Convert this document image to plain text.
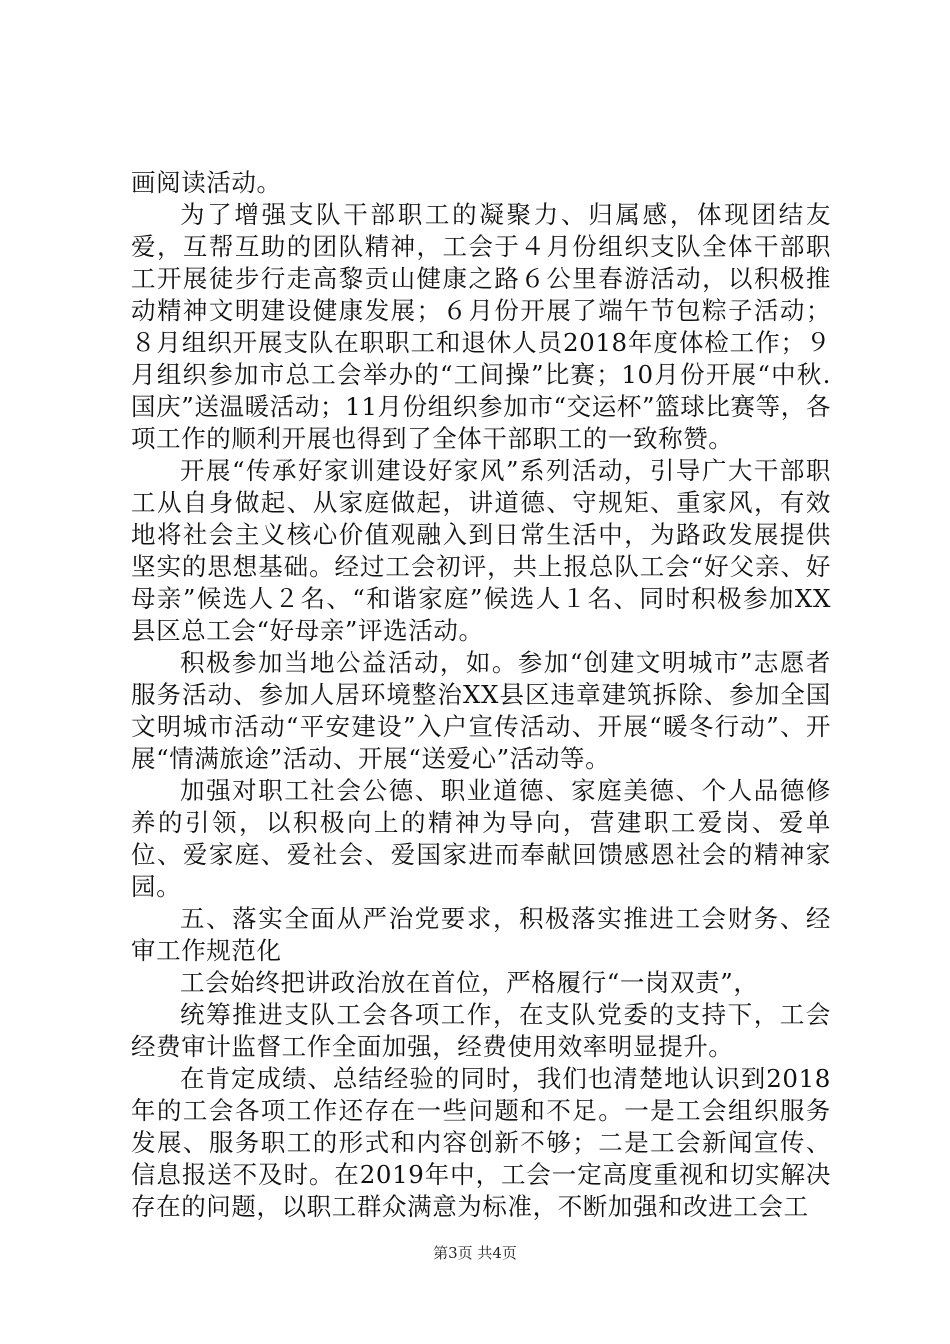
画阅读活动。

为了增强支队干部职工的凝聚力、归属感，体现团结友爱，互帮互助的团队精神，工会于４月份组织支队全体干部职工开展徒步行走高黎贡山健康之路６公里春游活动，以积极推动精神文明建设健康发展；６月份开展了端午节包粽子活动；８月组织开展支队在职职工和退休人员2018年度体检工作；９月组织参加市总工会举办的“工间操”比赛；10月份开展“中秋.国庆”送温暖活动；11月份组织参加市“交运杯”篮球比赛等，各项工作的顺利开展也得到了全体干部职工的一致称赞。

开展“传承好家训建设好家风”系列活动，引导广大干部职工从自身做起、从家庭做起，讲道德、守规矩、重家风，有效地将社会主义核心价值观融入到日常生活中，为路政发展提供坚实的思想基础。经过工会初评，共上报总队工会“好父亲、好母亲”候选人２名、“和谐家庭”候选人１名、同时积极参加XX县区总工会“好母亲”评选活动。

积极参加当地公益活动，如。参加“创建文明城市”志愿者服务活动、参加人居环境整治XX县区违章建筑拆除、参加全国文明城市活动“平安建设”入户宣传活动、开展“暖冬行动”、开展“情满旅途”活动、开展“送爱心”活动等。

加强对职工社会公德、职业道德、家庭美德、个人品德修养的引领，以积极向上的精神为导向，营建职工爱岗、爱单位、爱家庭、爱社会、爱国家进而奉献回馈感恩社会的精神家园。

五、落实全面从严治党要求，积极落实推进工会财务、经审工作规范化

工会始终把讲政治放在首位，严格履行“一岗双责”，

统筹推进支队工会各项工作，在支队党委的支持下，工会经费审计监督工作全面加强，经费使用效率明显提升。

在肯定成绩、总结经验的同时，我们也清楚地认识到2018年的工会各项工作还存在一些问题和不足。一是工会组织服务发展、服务职工的形式和内容创新不够；二是工会新闻宣传、信息报送不及时。在2019年中，工会一定高度重视和切实解决存在的问题，以职工群众满意为标准，不断加强和改进工会工

第3页 共4页
